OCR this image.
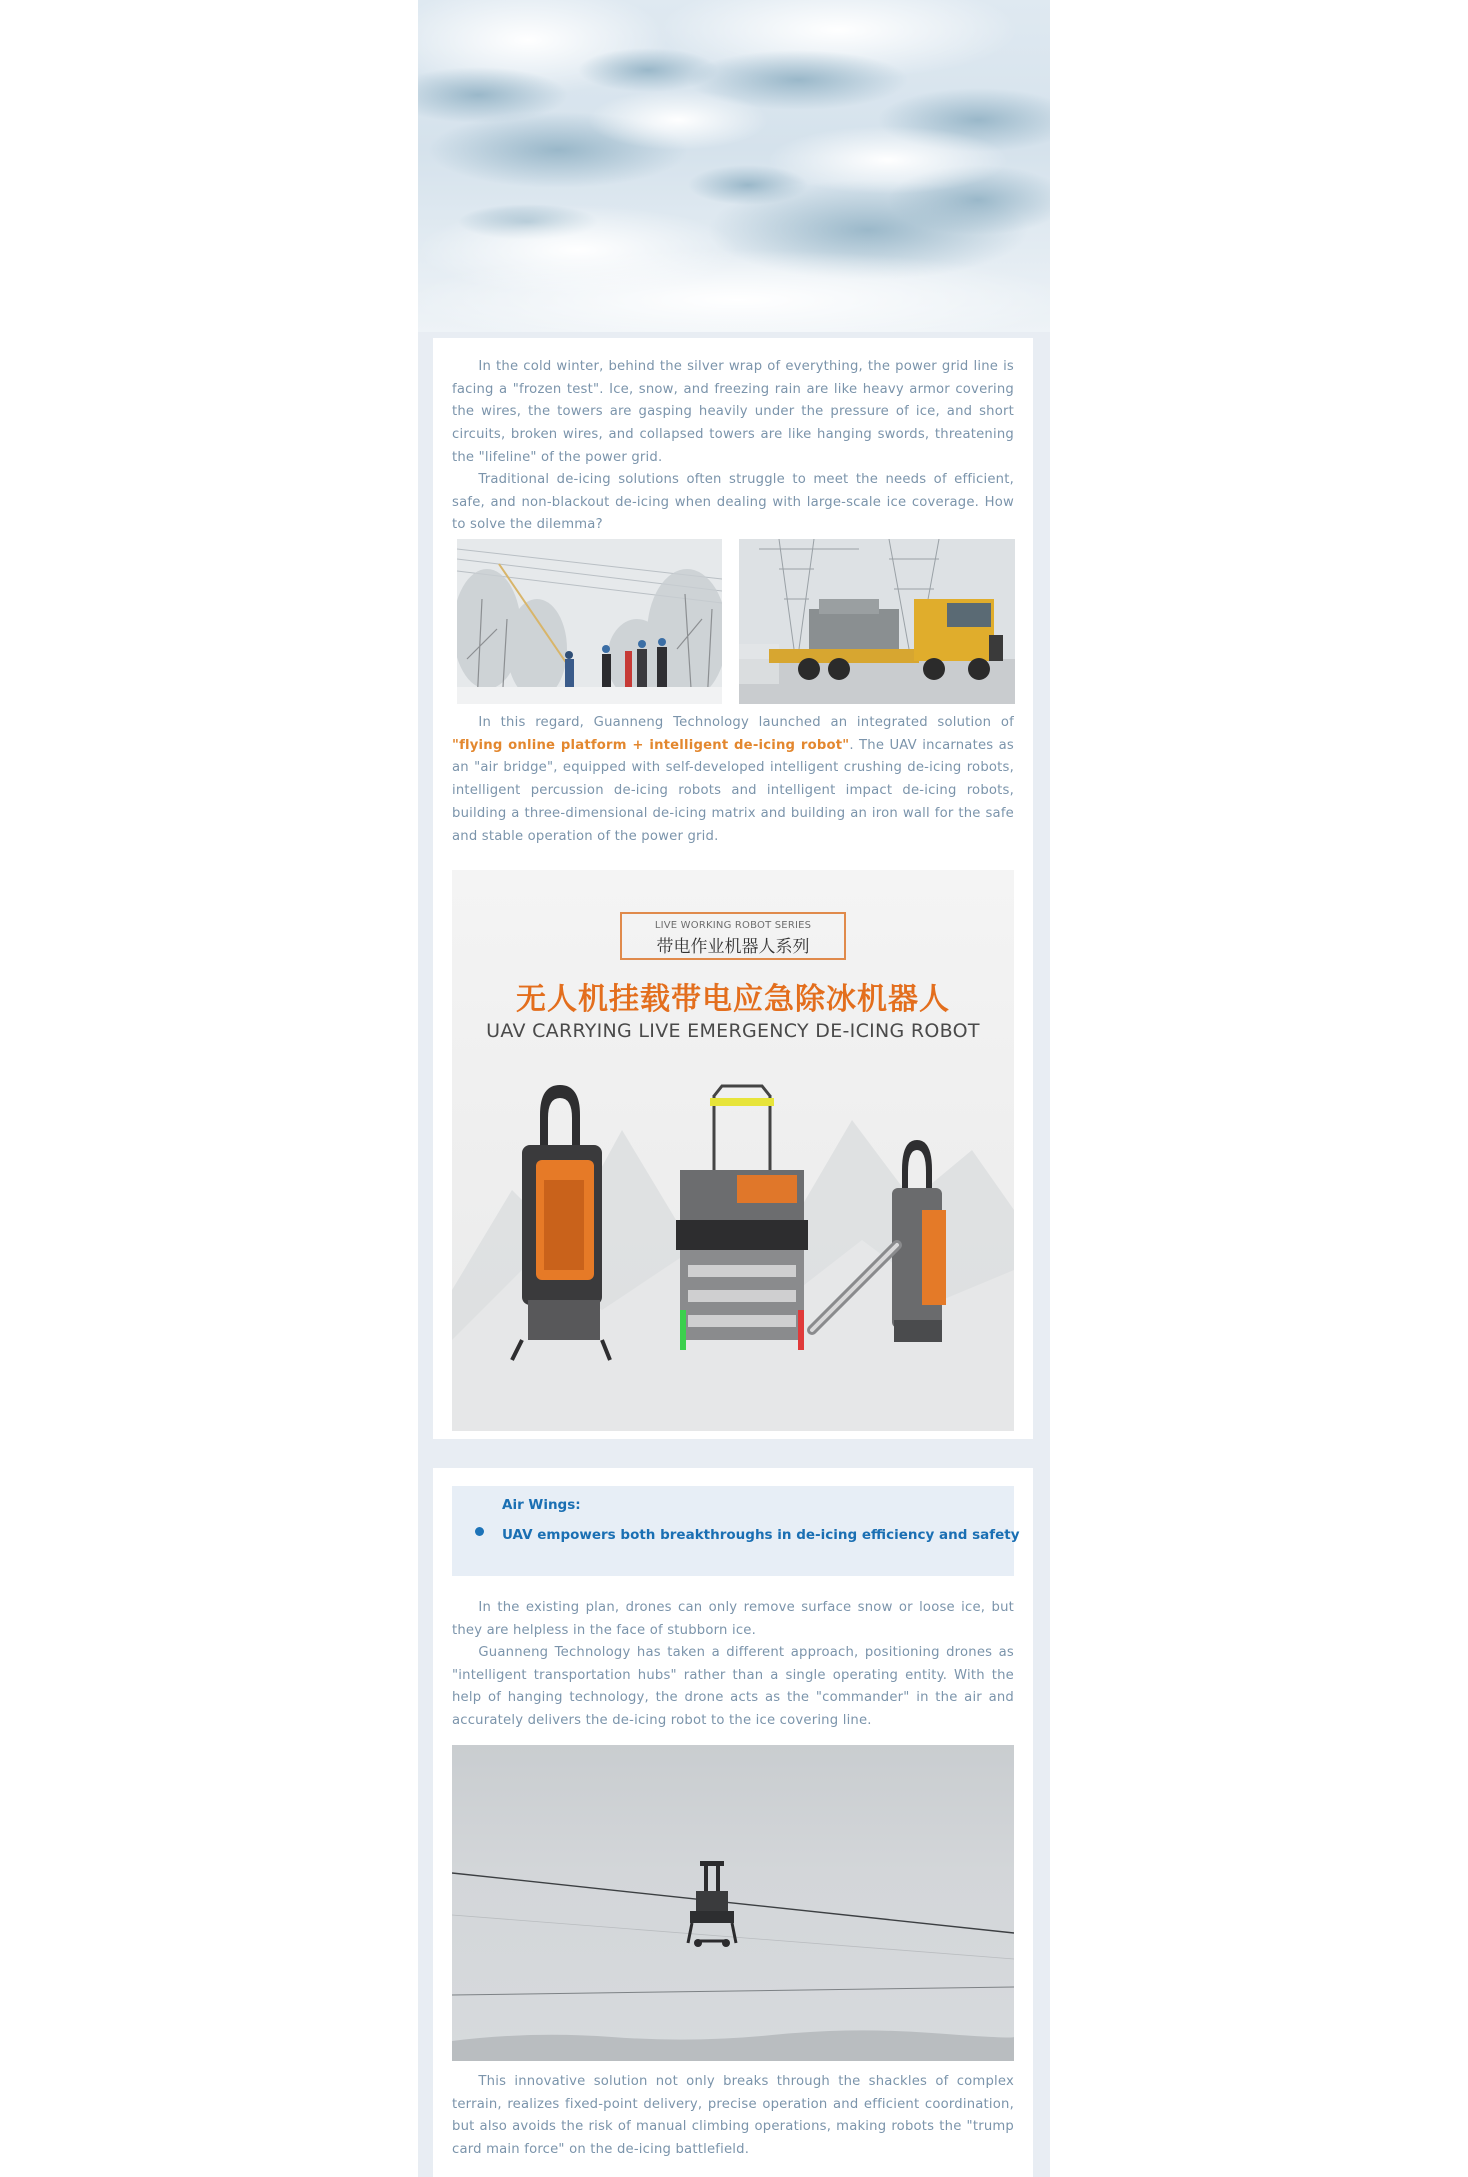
In the cold winter, behind the silver wrap of everything, the power grid line is facing a "frozen test". Ice, snow, and freezing rain are like heavy armor covering the wires, the towers are gasping heavily under the pressure of ice, and short circuits, broken wires, and collapsed towers are like hanging swords, threatening the "lifeline" of the power grid.

Traditional de-icing solutions often struggle to meet the needs of efficient, safe, and non-blackout de-icing when dealing with large-scale ice coverage. How to solve the dilemma?

In this regard, Guanneng Technology launched an integrated solution of "flying online platform + intelligent de-icing robot". The UAV incarnates as an "air bridge", equipped with self-developed intelligent crushing de-icing robots, intelligent percussion de-icing robots and intelligent impact de-icing robots, building a three-dimensional de-icing matrix and building an iron wall for the safe and stable operation of the power grid.

LIVE WORKING ROBOT SERIES
带电作业机器人系列
无人机挂载带电应急除冰机器人
UAV CARRYING LIVE EMERGENCY DE-ICING ROBOT
Air Wings:
UAV empowers both breakthroughs in de-icing efficiency and safety

In the existing plan, drones can only remove surface snow or loose ice, but they are helpless in the face of stubborn ice.

Guanneng Technology has taken a different approach, positioning drones as "intelligent transportation hubs" rather than a single operating entity. With the help of hanging technology, the drone acts as the "commander" in the air and accurately delivers the de-icing robot to the ice covering line.

This innovative solution not only breaks through the shackles of complex terrain, realizes fixed-point delivery, precise operation and efficient coordination, but also avoids the risk of manual climbing operations, making robots the "trump card main force" on the de-icing battlefield.
